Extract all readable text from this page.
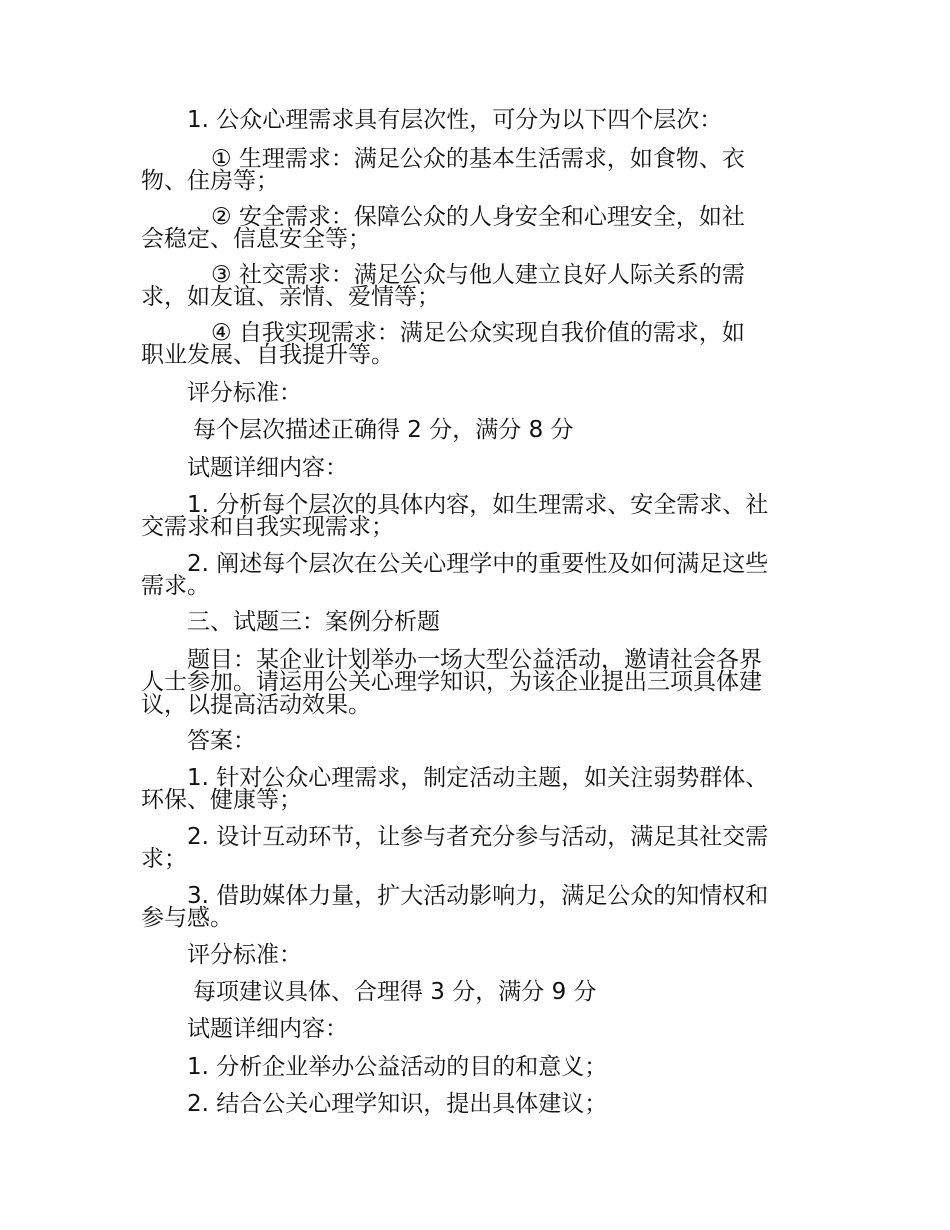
1. 公众心理需求具有层次性，可分为以下四个层次：
① 生理需求：满足公众的基本生活需求，如食物、衣
物、住房等；
② 安全需求：保障公众的人身安全和心理安全，如社
会稳定、信息安全等；
③ 社交需求：满足公众与他人建立良好人际关系的需
求，如友谊、亲情、爱情等；
④ 自我实现需求：满足公众实现自我价值的需求，如
职业发展、自我提升等。
评分标准：
每个层次描述正确得 2 分，满分 8 分
试题详细内容：
1. 分析每个层次的具体内容，如生理需求、安全需求、社
交需求和自我实现需求；
2. 阐述每个层次在公关心理学中的重要性及如何满足这些
需求。
三、试题三：案例分析题
题目：某企业计划举办一场大型公益活动，邀请社会各界
人士参加。请运用公关心理学知识，为该企业提出三项具体建
议，以提高活动效果。
答案：
1. 针对公众心理需求，制定活动主题，如关注弱势群体、
环保、健康等；
2. 设计互动环节，让参与者充分参与活动，满足其社交需
求；
3. 借助媒体力量，扩大活动影响力，满足公众的知情权和
参与感。
评分标准：
每项建议具体、合理得 3 分，满分 9 分
试题详细内容：
1. 分析企业举办公益活动的目的和意义；
2. 结合公关心理学知识，提出具体建议；
